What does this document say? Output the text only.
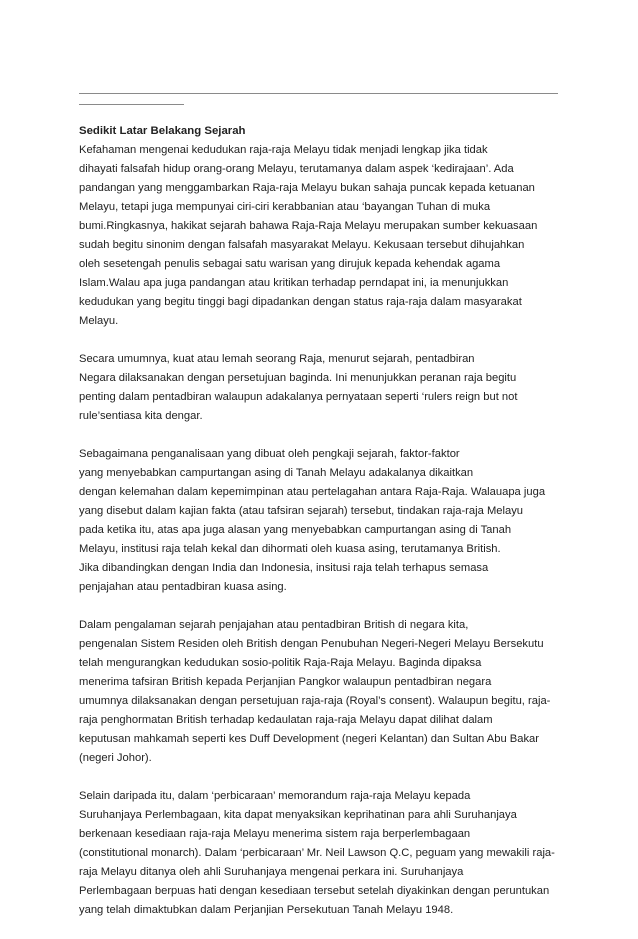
Sedikit Latar Belakang Sejarah

Kefahaman mengenai kedudukan raja-raja Melayu tidak menjadi lengkap jika tidak
dihayati falsafah hidup orang-orang Melayu, terutamanya dalam aspek ‘kedirajaan’. Ada
pandangan yang menggambarkan Raja-raja Melayu bukan sahaja puncak kepada ketuanan
Melayu, tetapi juga mempunyai ciri-ciri kerabbanian atau ‘bayangan Tuhan di muka
bumi.Ringkasnya, hakikat sejarah bahawa Raja-Raja Melayu merupakan sumber kekuasaan
sudah begitu sinonim dengan falsafah masyarakat Melayu. Kekusaan tersebut dihujahkan
oleh sesetengah penulis sebagai satu warisan yang dirujuk kepada kehendak agama
Islam.Walau apa juga pandangan atau kritikan terhadap perndapat ini, ia menunjukkan
kedudukan yang begitu tinggi bagi dipadankan dengan status raja-raja dalam masyarakat
Melayu.
Secara umumnya, kuat atau lemah seorang Raja, menurut sejarah, pentadbiran
Negara dilaksanakan dengan persetujuan baginda. Ini menunjukkan peranan raja begitu
penting dalam pentadbiran walaupun adakalanya pernyataan seperti ‘rulers reign but not
rule’sentiasa kita dengar.
Sebagaimana penganalisaan yang dibuat oleh pengkaji sejarah, faktor-faktor
yang menyebabkan campurtangan asing di Tanah Melayu adakalanya dikaitkan
dengan kelemahan dalam kepemimpinan atau pertelagahan antara Raja-Raja. Walauapa juga
yang disebut dalam kajian fakta (atau tafsiran sejarah) tersebut, tindakan raja-raja Melayu
pada ketika itu, atas apa juga alasan yang menyebabkan campurtangan asing di Tanah
Melayu, institusi raja telah kekal dan dihormati oleh kuasa asing, terutamanya British.
Jika dibandingkan dengan India dan Indonesia, insitusi raja telah terhapus semasa
penjajahan atau pentadbiran kuasa asing.
Dalam pengalaman sejarah penjajahan atau pentadbiran British di negara kita,
pengenalan Sistem Residen oleh British dengan Penubuhan Negeri-Negeri Melayu Bersekutu
telah mengurangkan kedudukan sosio-politik Raja-Raja Melayu. Baginda dipaksa
menerima tafsiran British kepada Perjanjian Pangkor walaupun pentadbiran negara
umumnya dilaksanakan dengan persetujuan raja-raja (Royal’s consent). Walaupun begitu, raja-
raja penghormatan British terhadap kedaulatan raja-raja Melayu dapat dilihat dalam
keputusan mahkamah seperti kes Duff Development (negeri Kelantan) dan Sultan Abu Bakar
(negeri Johor).
Selain daripada itu, dalam ‘perbicaraan’ memorandum raja-raja Melayu kepada
Suruhanjaya Perlembagaan, kita dapat menyaksikan keprihatinan para ahli Suruhanjaya
berkenaan kesediaan raja-raja Melayu menerima sistem raja berperlembagaan
(constitutional monarch). Dalam ‘perbicaraan’ Mr. Neil Lawson Q.C, peguam yang mewakili raja-
raja Melayu ditanya oleh ahli Suruhanjaya mengenai perkara ini. Suruhanjaya
Perlembagaan berpuas hati dengan kesediaan tersebut setelah diyakinkan dengan peruntukan
yang telah dimaktubkan dalam Perjanjian Persekutuan Tanah Melayu 1948.
